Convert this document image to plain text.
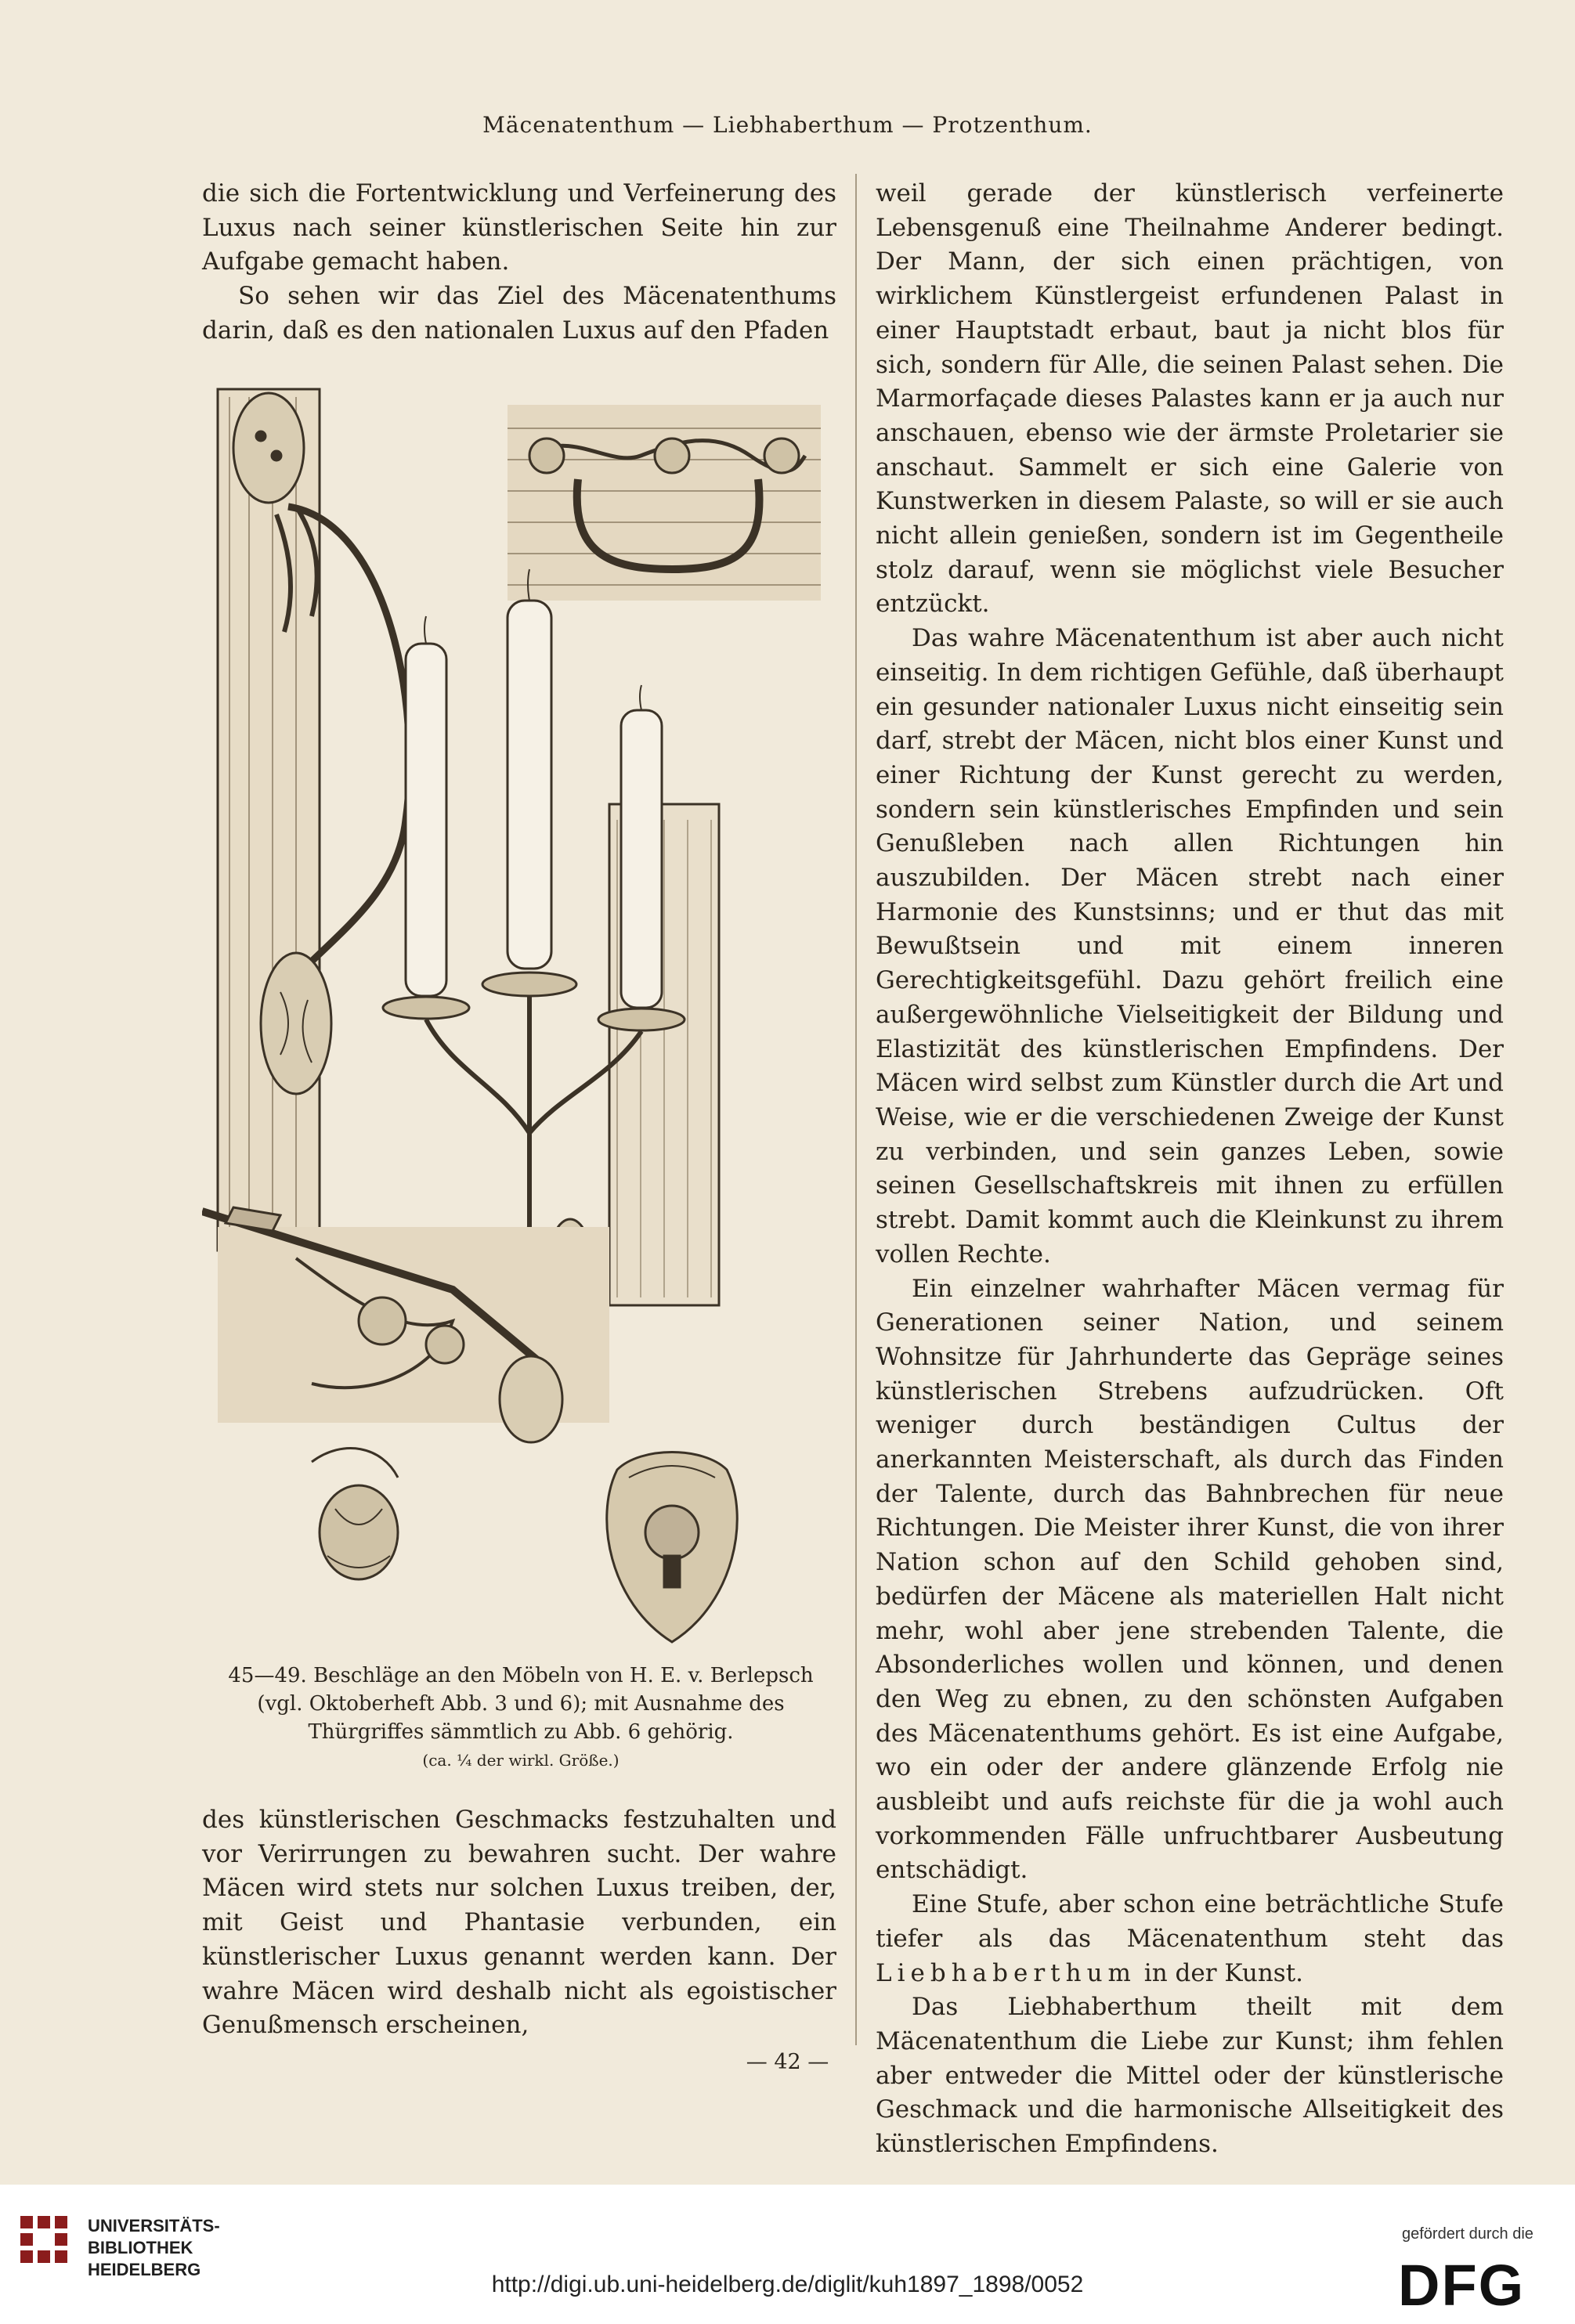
Mäcenatenthum — Liebhaberthum — Protzenthum.

die sich die Fortentwicklung und Verfeinerung des Luxus nach seiner künstlerischen Seite hin zur Aufgabe gemacht haben.

So sehen wir das Ziel des Mäcenatenthums darin, daß es den nationalen Luxus auf den Pfaden

45—49. Beschläge an den Möbeln von H. E. v. Berlepsch
(vgl. Oktoberheft Abb. 3 und 6); mit Ausnahme des Thürgriffes sämmtlich zu Abb. 6 gehörig.
(ca. ¼ der wirkl. Größe.)

des künstlerischen Geschmacks festzuhalten und vor Verirrungen zu bewahren sucht. Der wahre Mäcen wird stets nur solchen Luxus treiben, der, mit Geist und Phantasie verbunden, ein künstlerischer Luxus genannt werden kann. Der wahre Mäcen wird deshalb nicht als egoistischer Genußmensch erscheinen,

weil gerade der künstlerisch verfeinerte Lebensgenuß eine Theilnahme Anderer bedingt. Der Mann, der sich einen prächtigen, von wirklichem Künstlergeist erfundenen Palast in einer Hauptstadt erbaut, baut ja nicht blos für sich, sondern für Alle, die seinen Palast sehen. Die Marmorfaçade dieses Palastes kann er ja auch nur anschauen, ebenso wie der ärmste Proletarier sie anschaut. Sammelt er sich eine Galerie von Kunstwerken in diesem Palaste, so will er sie auch nicht allein genießen, sondern ist im Gegentheile stolz darauf, wenn sie möglichst viele Besucher entzückt.

Das wahre Mäcenatenthum ist aber auch nicht einseitig. In dem richtigen Gefühle, daß überhaupt ein gesunder nationaler Luxus nicht einseitig sein darf, strebt der Mäcen, nicht blos einer Kunst und einer Richtung der Kunst gerecht zu werden, sondern sein künstlerisches Empfinden und sein Genußleben nach allen Richtungen hin auszubilden. Der Mäcen strebt nach einer Harmonie des Kunstsinns; und er thut das mit Bewußtsein und mit einem inneren Gerechtigkeitsgefühl. Dazu gehört freilich eine außergewöhnliche Vielseitigkeit der Bildung und Elastizität des künstlerischen Empfindens. Der Mäcen wird selbst zum Künstler durch die Art und Weise, wie er die verschiedenen Zweige der Kunst zu verbinden, und sein ganzes Leben, sowie seinen Gesellschaftskreis mit ihnen zu erfüllen strebt. Damit kommt auch die Kleinkunst zu ihrem vollen Rechte.

Ein einzelner wahrhafter Mäcen vermag für Generationen seiner Nation, und seinem Wohnsitze für Jahrhunderte das Gepräge seines künstlerischen Strebens aufzudrücken. Oft weniger durch beständigen Cultus der anerkannten Meisterschaft, als durch das Finden der Talente, durch das Bahnbrechen für neue Richtungen. Die Meister ihrer Kunst, die von ihrer Nation schon auf den Schild gehoben sind, bedürfen der Mäcene als materiellen Halt nicht mehr, wohl aber jene strebenden Talente, die Absonderliches wollen und können, und denen den Weg zu ebnen, zu den schönsten Aufgaben des Mäcenatenthums gehört. Es ist eine Aufgabe, wo ein oder der andere glänzende Erfolg nie ausbleibt und aufs reichste für die ja wohl auch vorkommenden Fälle unfruchtbarer Ausbeutung entschädigt.

Eine Stufe, aber schon eine beträchtliche Stufe tiefer als das Mäcenatenthum steht das Liebhaberthum in der Kunst.

Das Liebhaberthum theilt mit dem Mäcenatenthum die Liebe zur Kunst; ihm fehlen aber entweder die Mittel oder der künstlerische Geschmack und die harmonische Allseitigkeit des künstlerischen Empfindens.

— 42 —
UNIVERSITÄTS-
BIBLIOTHEK
HEIDELBERG
http://digi.ub.uni-heidelberg.de/diglit/kuh1897_1898/0052
gefördert durch die
DFG
